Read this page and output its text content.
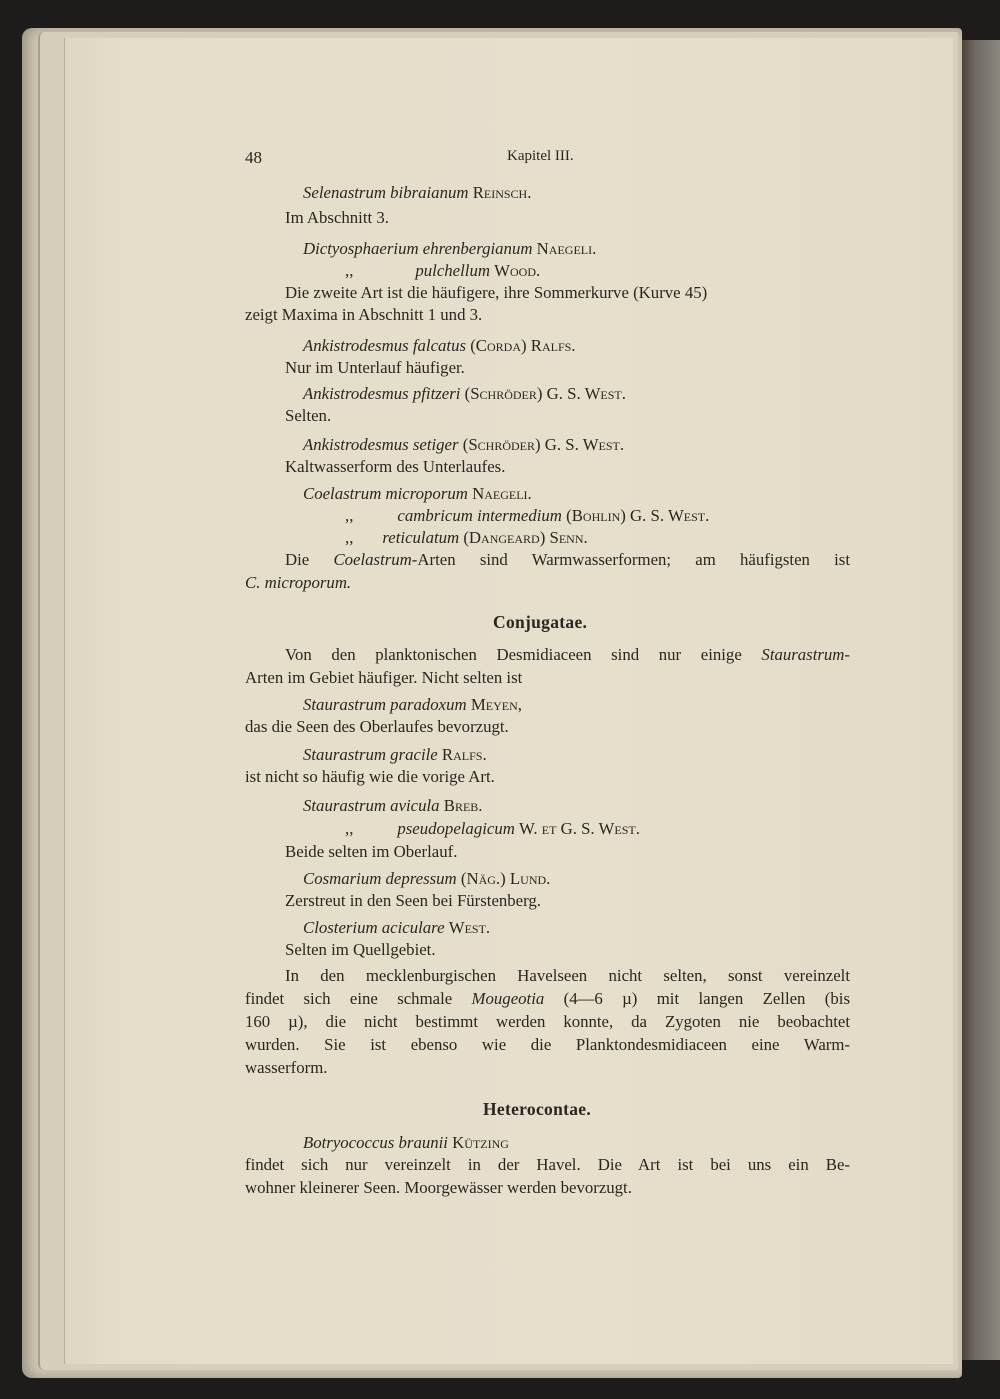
48	Kapitel III.
Selenastrum bibraianum Reinsch.
Im Abschnitt 3.
Dictyosphaerium ehrenbergianum Naegeli.
,,	pulchellum Wood.
Die zweite Art ist die häufigere, ihre Sommerkurve (Kurve 45)
zeigt Maxima in Abschnitt 1 und 3.
Ankistrodesmus falcatus (Corda) Ralfs.
Nur im Unterlauf häufiger.
Ankistrodesmus pfitzeri (Schröder) G. S. West.
Selten.
Ankistrodesmus setiger (Schröder) G. S. West.
Kaltwasserform des Unterlaufes.
Coelastrum microporum Naegeli.
,,	cambricum intermedium (Bohlin) G. S. West.
,, reticulatum (Dangeard) Senn.
Die Coelastrum-Arten sind Warmwasserformen; am häufigsten ist
C. microporum.
Conjugatae.
Von den planktonischen Desmidiaceen sind nur einige Staurastrum-
Arten im Gebiet häufiger. Nicht selten ist
Staurastrum paradoxum Meyen,
das die Seen des Oberlaufes bevorzugt.
Staurastrum gracile Ralfs.
ist nicht so häufig wie die vorige Art.
Staurastrum avicula Breb.
,,	pseudopelagicum W. et G. S. West.
Beide selten im Oberlauf.
Cosmarium depressum (Näg.) Lund.
Zerstreut in den Seen bei Fürstenberg.
Closterium aciculare West.
Selten im Quellgebiet.
In den mecklenburgischen Havelseen nicht selten, sonst vereinzelt
findet sich eine schmale Mougeotia (4—6 µ) mit langen Zellen (bis
160 µ), die nicht bestimmt werden konnte, da Zygoten nie beobachtet
wurden. Sie ist ebenso wie die Planktondesmidiaceen eine Warm-
wasserform.
Heterocontae.
Botryococcus braunii Kützing
findet sich nur vereinzelt in der Havel. Die Art ist bei uns ein Be-
wohner kleinerer Seen. Moorgewässer werden bevorzugt.
